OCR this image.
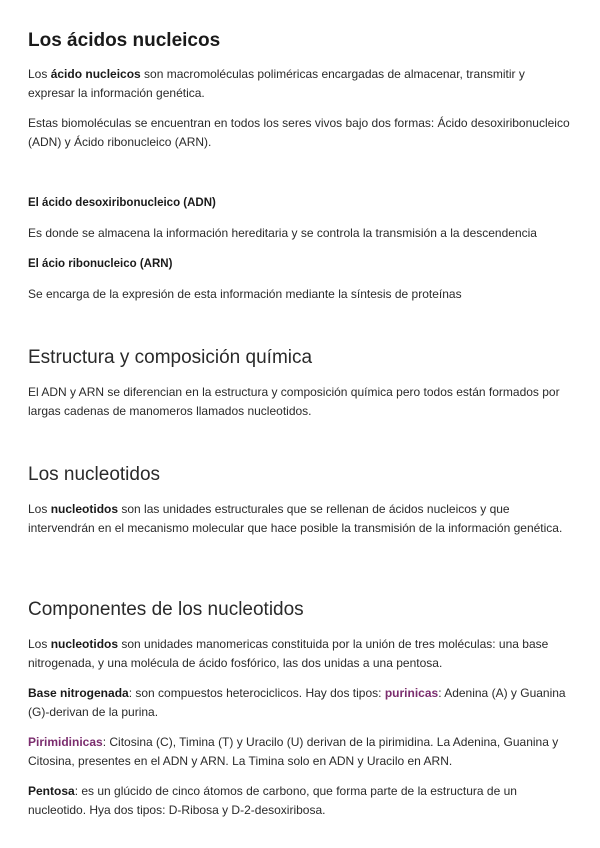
Los ácidos nucleicos

Los ácido nucleicos son macromoléculas poliméricas encargadas de almacenar, transmitir y expresar la información genética.

Estas biomoléculas se encuentran en todos los seres vivos bajo dos formas: Ácido desoxiribonucleico (ADN) y Ácido ribonucleico (ARN).

El ácido desoxiribonucleico (ADN)

Es donde se almacena la información hereditaria y se controla la transmisión a la descendencia

El ácio ribonucleico (ARN)

Se encarga de la expresión de esta información mediante la síntesis de proteínas

Estructura y composición química

El ADN y ARN se diferencian en la estructura y composición química pero todos están formados por largas cadenas de manomeros llamados nucleotidos.

Los nucleotidos

Los nucleotidos son las unidades estructurales que se rellenan de ácidos nucleicos y que intervendrán en el mecanismo molecular que hace posible la transmisión de la información genética.

Componentes de los nucleotidos

Los nucleotidos son unidades manomericas constituida por la unión de tres moléculas: una base nitrogenada, y una molécula de ácido fosfórico, las dos unidas a una pentosa.

Base nitrogenada: son compuestos heterociclicos. Hay dos tipos: purinicas: Adenina (A) y Guanina (G)-derivan de la purina.

Pirimidinicas: Citosina (C), Timina (T) y Uracilo (U) derivan de la pirimidina. La Adenina, Guanina y Citosina, presentes en el ADN y ARN. La Timina solo en ADN y Uracilo en ARN.

Pentosa: es un glúcido de cinco átomos de carbono, que forma parte de la estructura de un nucleotido. Hya dos tipos: D-Ribosa y D-2-desoxiribosa.
